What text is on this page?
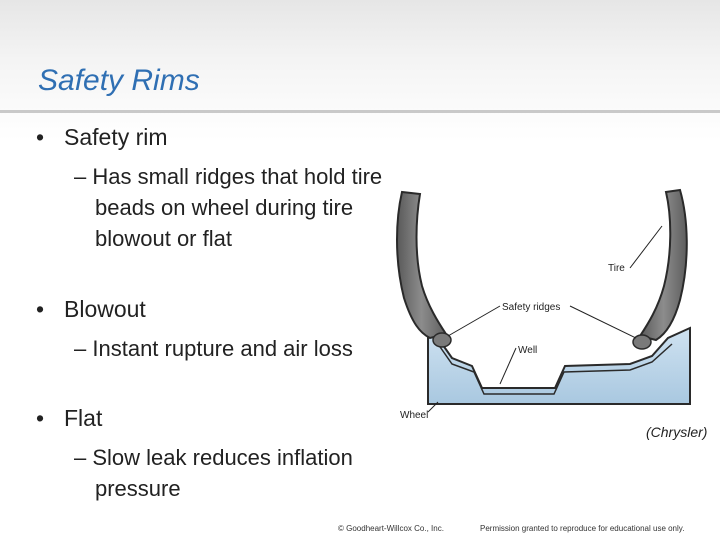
Safety Rims
• Safety rim
– Has small ridges that hold tire beads on wheel during tire blowout or flat
• Blowout
– Instant rupture and air loss
• Flat
– Slow leak reduces inflation pressure
Tire
Safety ridges
Well
Wheel
(Chrysler)
© Goodheart-Willcox Co., Inc.	Permission granted to reproduce for educational use only.
